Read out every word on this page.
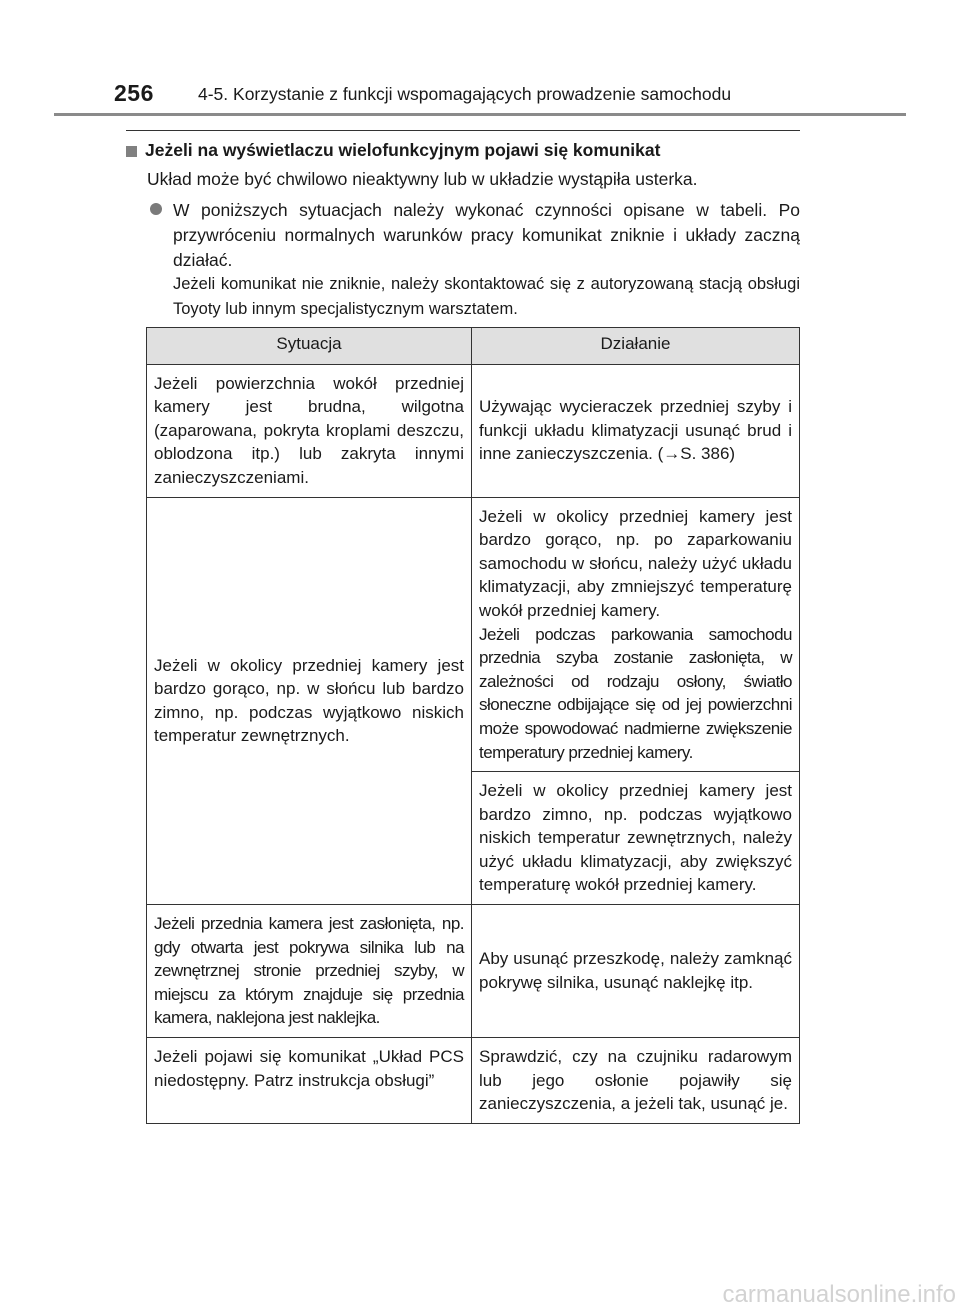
256	4-5. Korzystanie z funkcji wspomagających prowadzenie samochodu
Jeżeli na wyświetlaczu wielofunkcyjnym pojawi się komunikat
Układ może być chwilowo nieaktywny lub w układzie wystąpiła usterka.
W poniższych sytuacjach należy wykonać czynności opisane w tabeli. Po przywróceniu normalnych warunków pracy komunikat zniknie i układy zaczną działać.
Jeżeli komunikat nie zniknie, należy skontaktować się z autoryzowaną stacją obsługi Toyoty lub innym specjalistycznym warsztatem.
Sytuacja	Działanie
Jeżeli powierzchnia wokół przedniej kamery jest brudna, wilgotna (zaparowana, pokryta kroplami deszczu, oblodzona itp.) lub zakryta innymi zanieczyszczeniami.	Używając wycieraczek przedniej szyby i funkcji układu klimatyzacji usunąć brud i inne zanieczyszczenia. (→S. 386)
Jeżeli w okolicy przedniej kamery jest bardzo gorąco, np. w słońcu lub bardzo zimno, np. podczas wyjątkowo niskich temperatur zewnętrznych.	Jeżeli w okolicy przedniej kamery jest bardzo gorąco, np. po zaparkowaniu samochodu w słońcu, należy użyć układu klimatyzacji, aby zmniejszyć temperaturę wokół przedniej kamery.
Jeżeli podczas parkowania samochodu przednia szyba zostanie zasłonięta, w zależności od rodzaju osłony, światło słoneczne odbijające się od jej powierzchni może spowodować nadmierne zwiększenie temperatury przedniej kamery.

	Jeżeli w okolicy przedniej kamery jest bardzo zimno, np. podczas wyjątkowo niskich temperatur zewnętrznych, należy użyć układu klimatyzacji, aby zwiększyć temperaturę wokół przedniej kamery.
Jeżeli przednia kamera jest zasłonięta, np. gdy otwarta jest pokrywa silnika lub na zewnętrznej stronie przedniej szyby, w miejscu za którym znajduje się przednia kamera, naklejona jest naklejka.	Aby usunąć przeszkodę, należy zamknąć pokrywę silnika, usunąć naklejkę itp.
Jeżeli pojawi się komunikat „Układ PCS niedostępny. Patrz instrukcja obsługi”	Sprawdzić, czy na czujniku radarowym lub jego osłonie pojawiły się zanieczyszczenia, a jeżeli tak, usunąć je.
carmanualsonline.info
